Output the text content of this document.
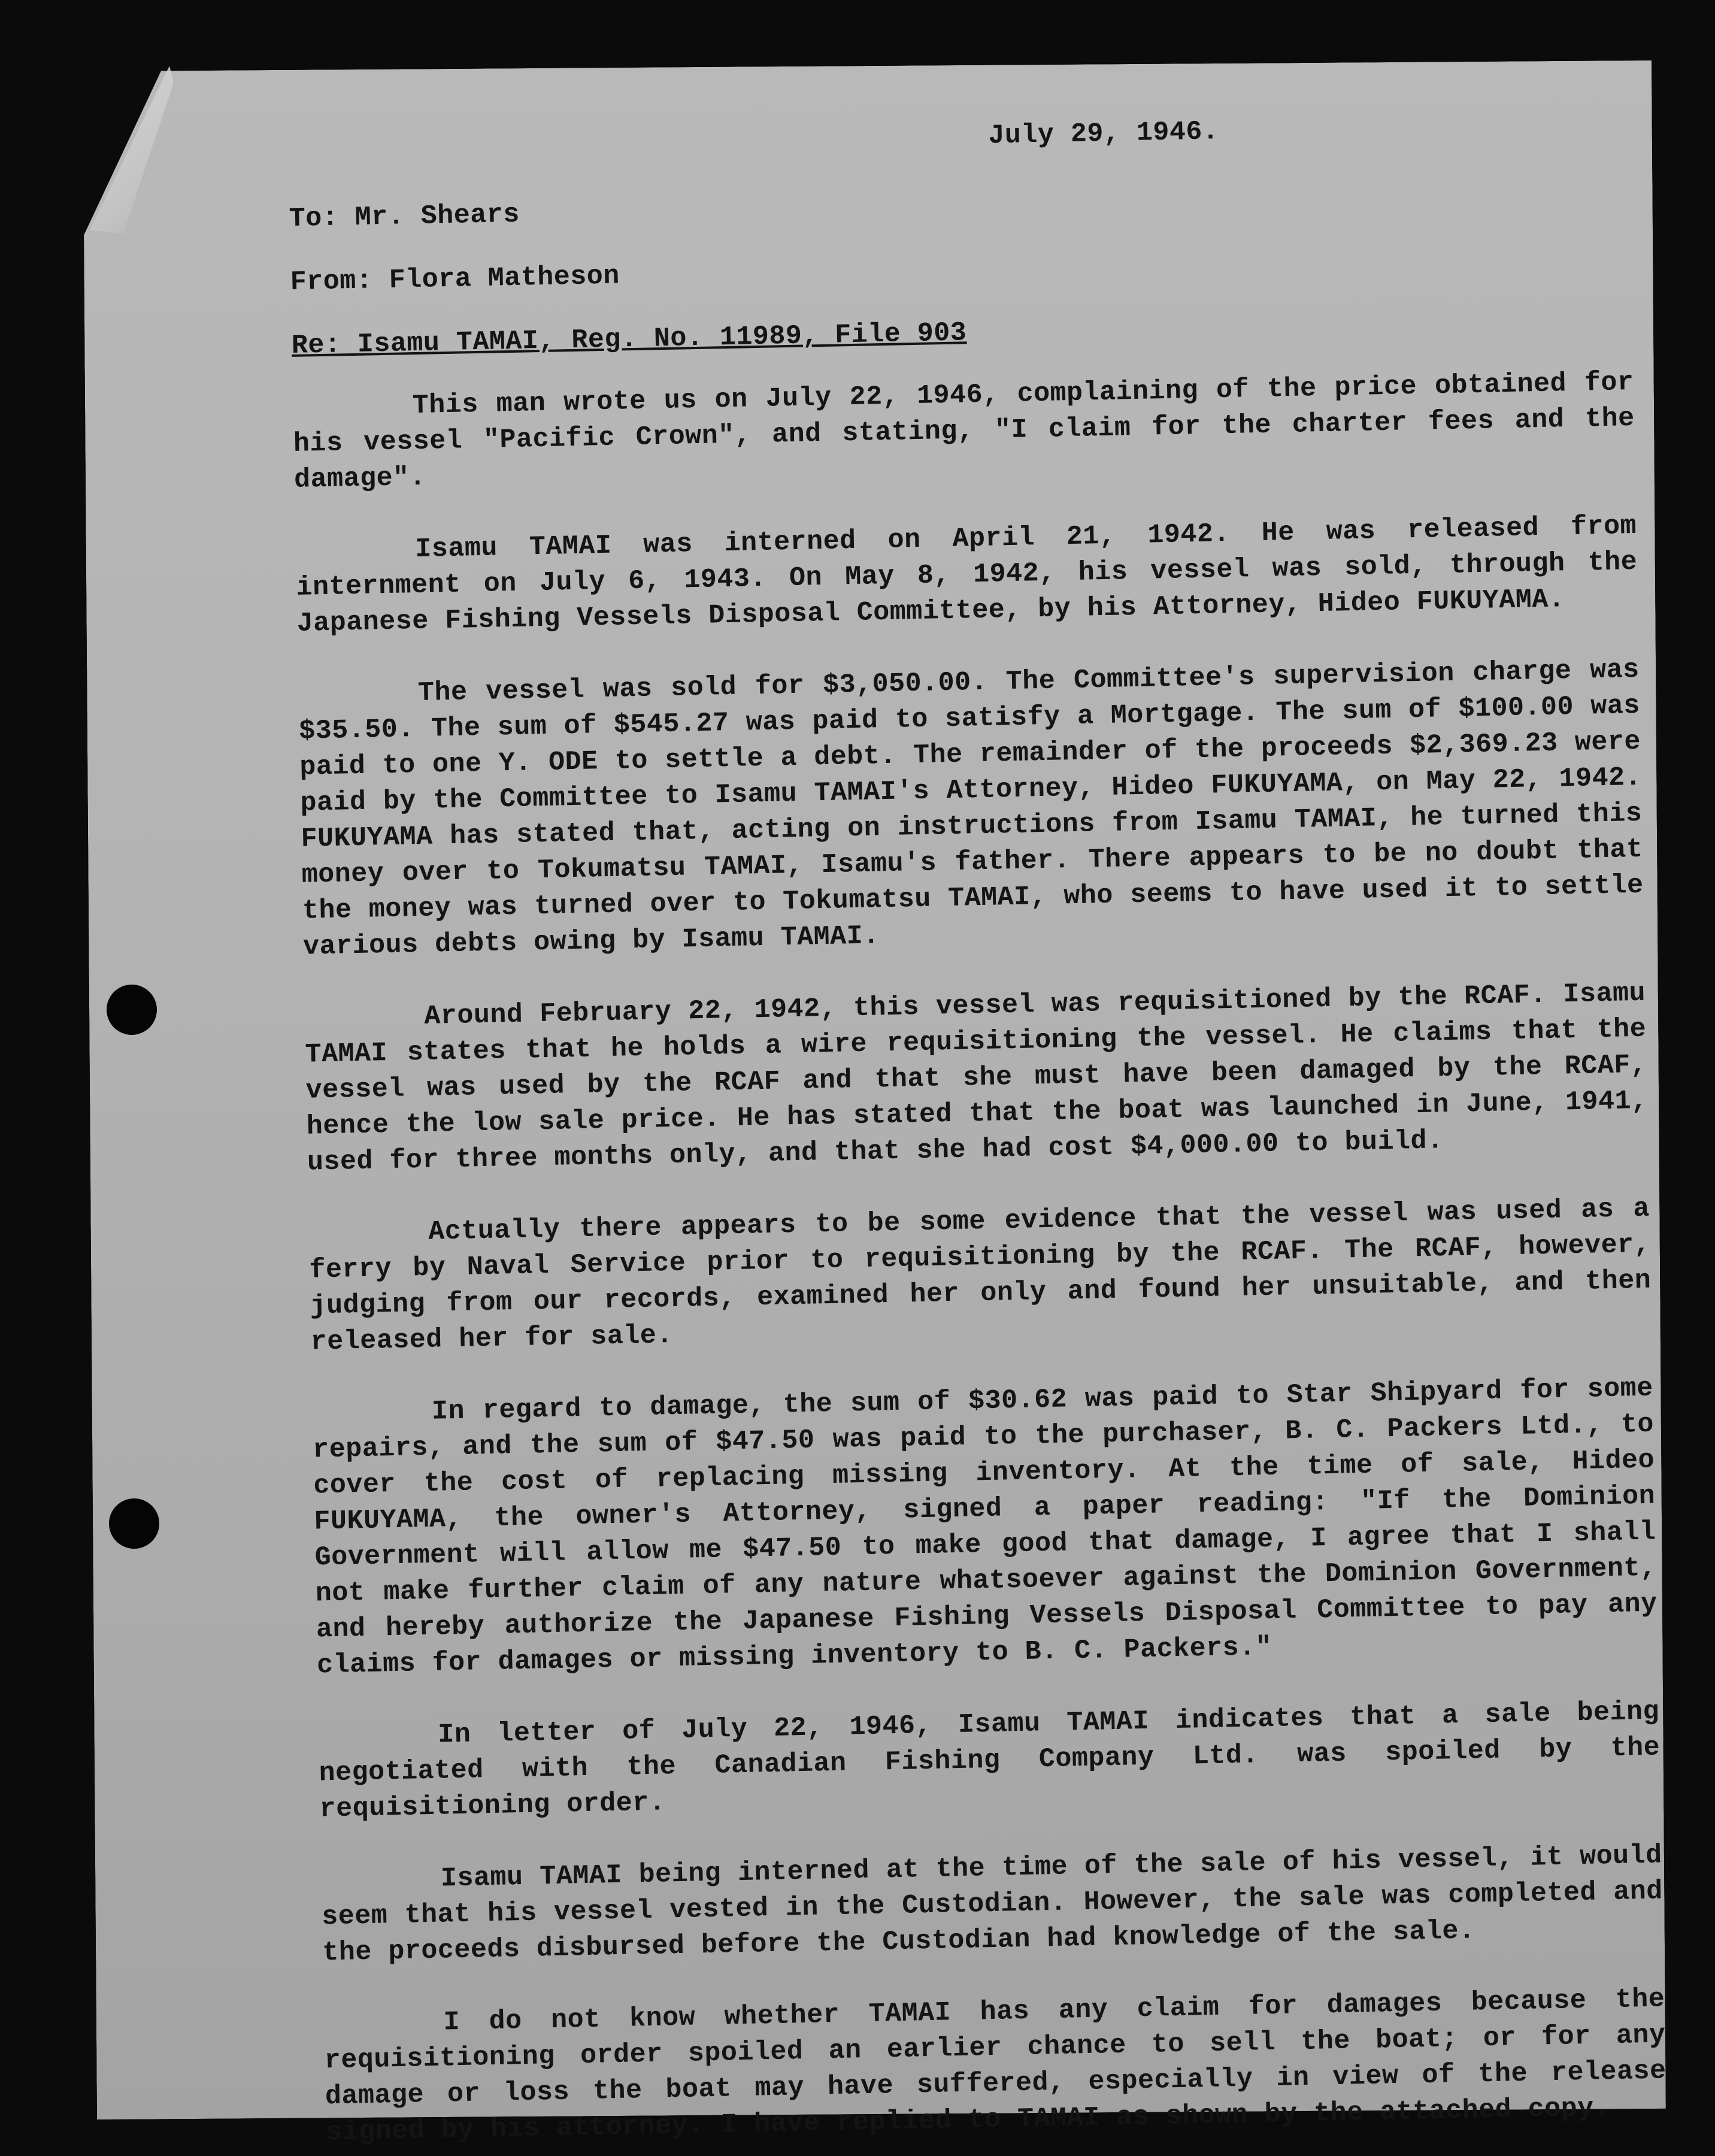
July 29, 1946.
To: Mr. Shears
From: Flora Matheson
Re: Isamu TAMAI, Reg. No. 11989, File 903

This man wrote us on July 22, 1946, complaining of the price obtained for his vessel "Pacific Crown", and stating, "I claim for the charter fees and the damage".

Isamu TAMAI was interned on April 21, 1942. He was released from internment on July 6, 1943. On May 8, 1942, his vessel was sold, through the Japanese Fishing Vessels Disposal Committee, by his Attorney, Hideo FUKUYAMA.

The vessel was sold for $3,050.00. The Committee's supervision charge was $35.50. The sum of $545.27 was paid to satisfy a Mortgage. The sum of $100.00 was paid to one Y. ODE to settle a debt. The remainder of the proceeds $2,369.23 were paid by the Committee to Isamu TAMAI's Attorney, Hideo FUKUYAMA, on May 22, 1942. FUKUYAMA has stated that, acting on instructions from Isamu TAMAI, he turned this money over to Tokumatsu TAMAI, Isamu's father. There appears to be no doubt that the money was turned over to Tokumatsu TAMAI, who seems to have used it to settle various debts owing by Isamu TAMAI.

Around February 22, 1942, this vessel was requisitioned by the RCAF. Isamu TAMAI states that he holds a wire requisitioning the vessel. He claims that the vessel was used by the RCAF and that she must have been damaged by the RCAF, hence the low sale price. He has stated that the boat was launched in June, 1941, used for three months only, and that she had cost $4,000.00 to build.

Actually there appears to be some evidence that the vessel was used as a ferry by Naval Service prior to requisitioning by the RCAF. The RCAF, however, judging from our records, examined her only and found her unsuitable, and then released her for sale.

In regard to damage, the sum of $30.62 was paid to Star Shipyard for some repairs, and the sum of $47.50 was paid to the purchaser, B. C. Packers Ltd., to cover the cost of replacing missing inventory. At the time of sale, Hideo FUKUYAMA, the owner's Attorney, signed a paper reading: "If the Dominion Government will allow me $47.50 to make good that damage, I agree that I shall not make further claim of any nature whatsoever against the Dominion Government, and hereby authorize the Japanese Fishing Vessels Disposal Committee to pay any claims for damages or missing inventory to B. C. Packers."

In letter of July 22, 1946, Isamu TAMAI indicates that a sale being negotiated with the Canadian Fishing Company Ltd. was spoiled by the requisitioning order.

Isamu TAMAI being interned at the time of the sale of his vessel, it would seem that his vessel vested in the Custodian. However, the sale was completed and the proceeds disbursed before the Custodian had knowledge of the sale.

I do not know whether TAMAI has any claim for damages because the requisitioning order spoiled an earlier chance to sell the boat; or for any damage or loss the boat may have suffered, especially in view of the release signed by his attorney. I have replied to TAMAI as shown by the attached copy.
